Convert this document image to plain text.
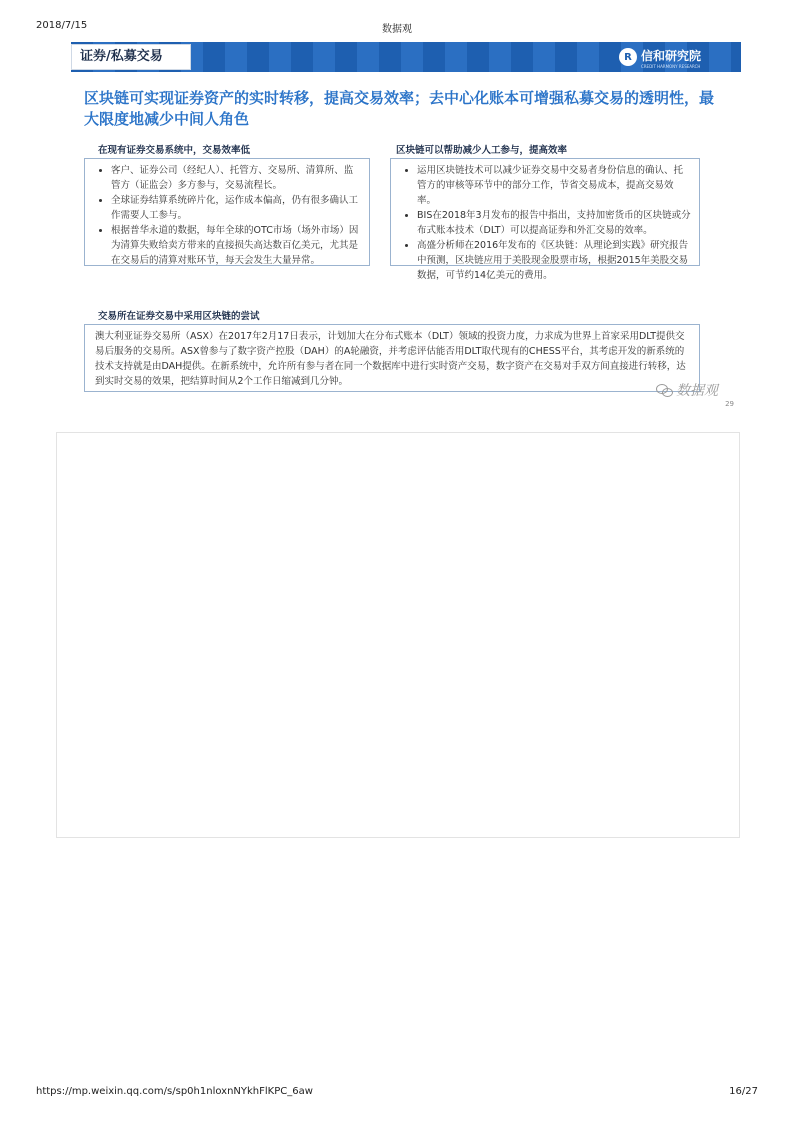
2018/7/15	数据观
证券/私募交易	R 信和研究院
CREDIT HARMONY RESEARCH
区块链可实现证券资产的实时转移，提高交易效率；去中心化账本可增强私募交易的透明性，最大限度地减少中间人角色
在现有证券交易系统中，交易效率低
• 客户、证券公司（经纪人）、托管方、交易所、清算所、监管方（证监会）多方参与，交易流程长。
• 全球证券结算系统碎片化，运作成本偏高，仍有很多确认工作需要人工参与。
• 根据普华永道的数据，每年全球的OTC市场（场外市场）因为清算失败给卖方带来的直接损失高达数百亿美元，尤其是在交易后的清算对账环节，每天会发生大量异常。
区块链可以帮助减少人工参与，提高效率
• 运用区块链技术可以减少证券交易中交易者身份信息的确认、托管方的审核等环节中的部分工作，节省交易成本，提高交易效率。
• BIS在2018年3月发布的报告中指出，支持加密货币的区块链或分布式账本技术（DLT）可以提高证券和外汇交易的效率。
• 高盛分析师在2016年发布的《区块链：从理论到实践》研究报告中预测，区块链应用于美股现金股票市场，根据2015年美股交易数据，可节约14亿美元的费用。
交易所在证券交易中采用区块链的尝试
澳大利亚证券交易所（ASX）在2017年2月17日表示，计划加大在分布式账本（DLT）领域的投资力度，力求成为世界上首家采用DLT提供交易后服务的交易所。ASX曾参与了数字资产控股（DAH）的A轮融资，并考虑评估能否用DLT取代现有的CHESS平台，其考虑开发的新系统的技术支持就是由DAH提供。在新系统中，允许所有参与者在同一个数据库中进行实时资产交易，数字资产在交易对手双方间直接进行转移，达到实时交易的效果，把结算时间从2个工作日缩减到几分钟。
数据观
29
https://mp.weixin.qq.com/s/sp0h1nloxnNYkhFlKPC_6aw	16/27
